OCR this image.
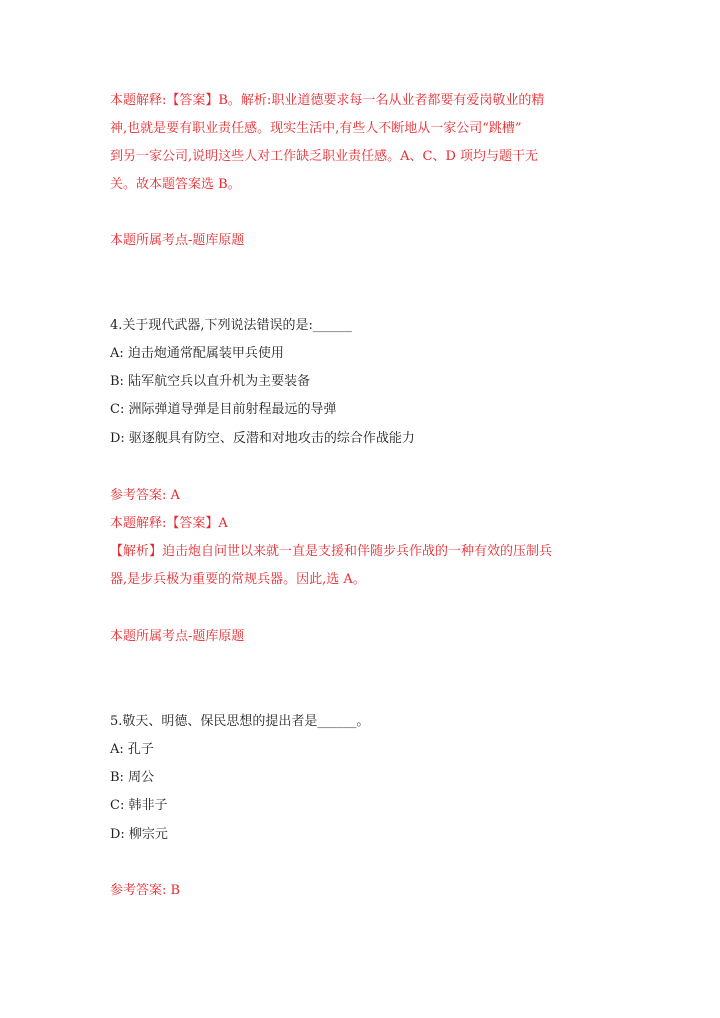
本题解释:【答案】B。解析:职业道德要求每一名从业者都要有爱岗敬业的精
神,也就是要有职业责任感。现实生活中,有些人不断地从一家公司“跳槽”
到另一家公司,说明这些人对工作缺乏职业责任感。A、C、D 项均与题干无
关。故本题答案选 B。
本题所属考点-题库原题
4.关于现代武器,下列说法错误的是:______
A: 迫击炮通常配属装甲兵使用
B: 陆军航空兵以直升机为主要装备
C: 洲际弹道导弹是目前射程最远的导弹
D: 驱逐舰具有防空、反潜和对地攻击的综合作战能力
参考答案: A
本题解释:【答案】A
【解析】迫击炮自问世以来就一直是支援和伴随步兵作战的一种有效的压制兵
器,是步兵极为重要的常规兵器。因此,选 A。
本题所属考点-题库原题
5.敬天、明德、保民思想的提出者是______。
A: 孔子
B: 周公
C: 韩非子
D: 柳宗元
参考答案: B
